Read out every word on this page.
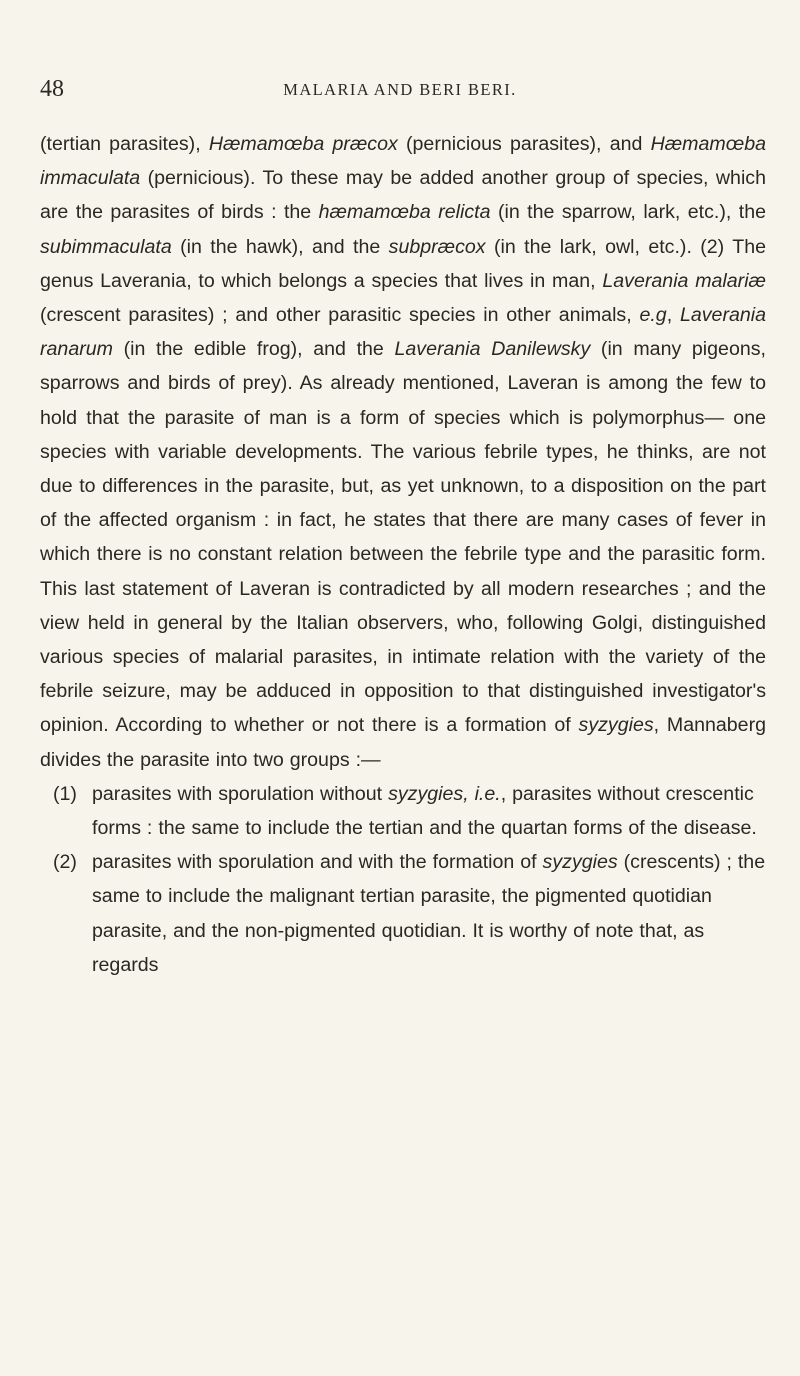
48	MALARIA AND BERI BERI.

(tertian parasites), Hæmamœba præcox (pernicious parasites), and Hæmamœba immaculata (pernicious). To these may be added another group of species, which are the parasites of birds : the hæmamœba relicta (in the sparrow, lark, etc.), the subimmaculata (in the hawk), and the subpræcox (in the lark, owl, etc.). (2) The genus Laverania, to which belongs a species that lives in man, Laverania malariæ (crescent parasites) ; and other parasitic species in other animals, e.g, Laverania ranarum (in the edible frog), and the Laverania Danilewsky (in many pigeons, sparrows and birds of prey). As already mentioned, Laveran is among the few to hold that the parasite of man is a form of species which is polymorphus— one species with variable developments. The various febrile types, he thinks, are not due to differences in the parasite, but, as yet unknown, to a disposition on the part of the affected organism : in fact, he states that there are many cases of fever in which there is no constant relation between the febrile type and the parasitic form. This last statement of Laveran is contradicted by all modern researches ; and the view held in general by the Italian observers, who, following Golgi, distinguished various species of malarial parasites, in intimate relation with the variety of the febrile seizure, may be adduced in opposition to that distinguished investigator's opinion. According to whether or not there is a formation of syzygies, Mannaberg divides the parasite into two groups :—

(1) parasites with sporulation without syzygies, i.e., parasites without crescentic forms : the same to include the tertian and the quartan forms of the disease.
(2) parasites with sporulation and with the formation of syzygies (crescents) ; the same to include the malignant tertian parasite, the pigmented quotidian parasite, and the non-pigmented quotidian. It is worthy of note that, as regards
